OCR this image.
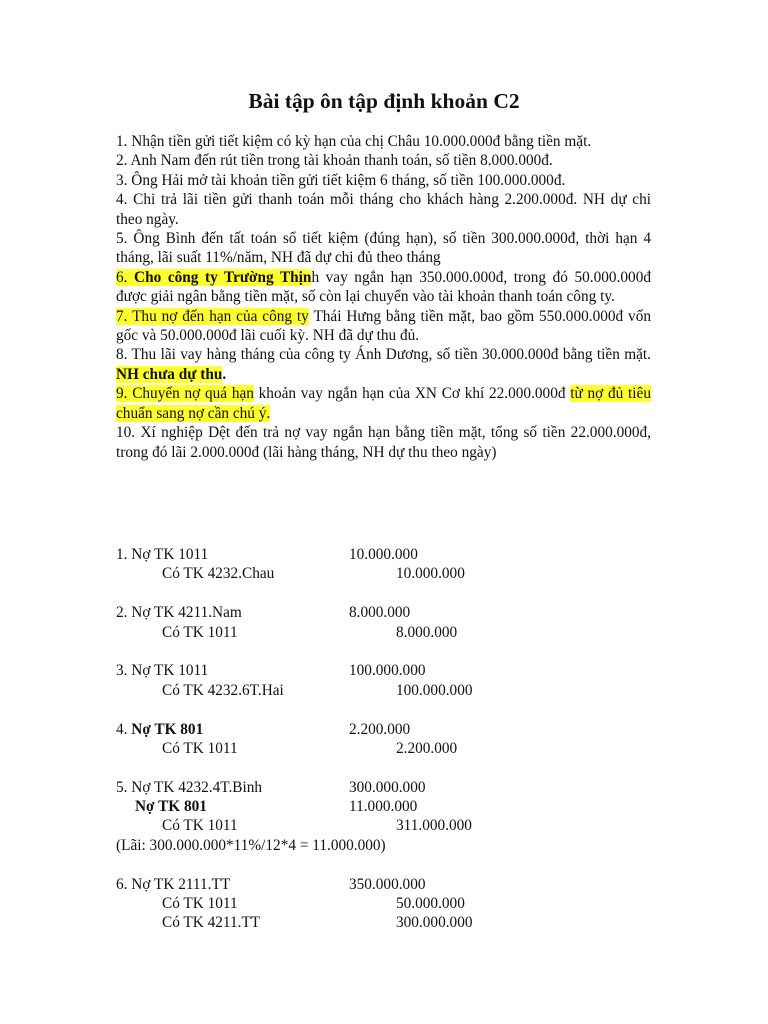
Bài tập ôn tập định khoản C2
1. Nhận tiền gửi tiết kiệm có kỳ hạn của chị Châu 10.000.000đ bằng tiền mặt.
2. Anh Nam đến rút tiền trong tài khoản thanh toán, số tiền 8.000.000đ.
3. Ông Hải mở tài khoản tiền gửi tiết kiệm 6 tháng, số tiền 100.000.000đ.
4. Chi trả lãi tiền gửi thanh toán mỗi tháng cho khách hàng 2.200.000đ. NH dự chi theo ngày.
5. Ông Bình đến tất toán sổ tiết kiệm (đúng hạn), số tiền 300.000.000đ, thời hạn 4 tháng, lãi suất 11%/năm, NH đã dự chi đủ theo tháng
6. Cho công ty Trường Thịnh vay ngắn hạn 350.000.000đ, trong đó 50.000.000đ được giải ngân bằng tiền mặt, số còn lại chuyển vào tài khoản thanh toán công ty.
7. Thu nợ đến hạn của công ty Thái Hưng bằng tiền mặt, bao gồm 550.000.000đ vốn gốc và 50.000.000đ lãi cuối kỳ. NH đã dự thu đủ.
8. Thu lãi vay hàng tháng của công ty Ánh Dương, số tiền 30.000.000đ bằng tiền mặt. NH chưa dự thu.
9. Chuyển nợ quá hạn khoản vay ngắn hạn của XN Cơ khí 22.000.000đ từ nợ đủ tiêu chuẩn sang nợ cần chú ý.
10. Xí nghiệp Dệt đến trả nợ vay ngắn hạn bằng tiền mặt, tổng số tiền 22.000.000đ, trong đó lãi 2.000.000đ (lãi hàng tháng, NH dự thu theo ngày)
1. Nợ TK 1011	10.000.000
Có TK 4232.Chau	10.000.000
2. Nợ TK 4211.Nam	8.000.000
Có TK 1011	8.000.000
3. Nợ TK 1011	100.000.000
Có TK 4232.6T.Hai	100.000.000
4. Nợ TK 801	2.200.000
Có TK 1011	2.200.000
5. Nợ TK 4232.4T.Binh	300.000.000
Nợ TK 801	11.000.000
Có TK 1011	311.000.000
(Lãi: 300.000.000*11%/12*4 = 11.000.000)
6. Nợ TK 2111.TT	350.000.000
Có TK 1011	50.000.000
Có TK 4211.TT	300.000.000
